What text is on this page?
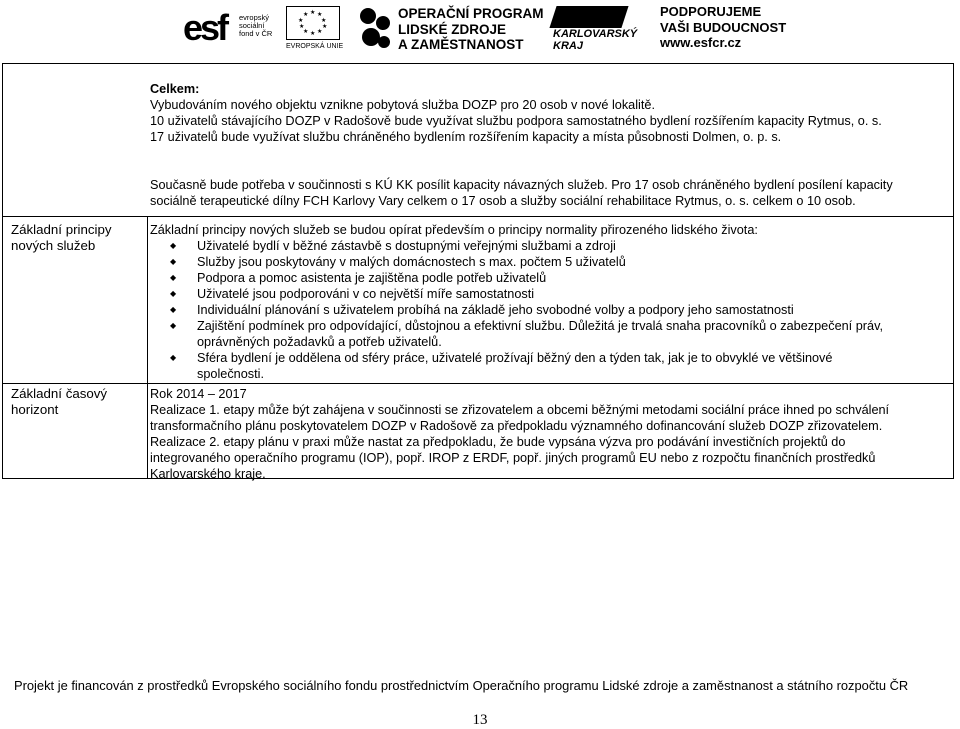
esf evropský sociální fond v ČR
★ ★
★
★
★
★
★
★
★
★
EVROPSKÁ UNIE
OPERAČNÍ PROGRAM
LIDSKÉ ZDROJE
A ZAMĚSTNANOST
KARLOVARSKÝ KRAJ
PODPORUJEME
VAŠI BUDOUCNOST
www.esfcr.cz
Celkem:
Vybudováním nového objektu vznikne pobytová služba DOZP pro 20 osob v nové lokalitě.
10 uživatelů stávajícího DOZP v Radošově bude využívat službu podpora samostatného bydlení rozšířením kapacity Rytmus, o. s.
17 uživatelů bude využívat službu chráněného bydlením rozšířením kapacity a místa působnosti Dolmen, o. p. s.
Současně bude potřeba v součinnosti s KÚ KK posílit kapacity návazných služeb. Pro 17 osob chráněného bydlení posílení kapacity
sociálně terapeutické dílny FCH Karlovy Vary celkem o 17 osob a služby sociální rehabilitace Rytmus, o. s. celkem o 10 osob.
Základní principy
nových služeb
Základní principy nových služeb se budou opírat především o principy normality přirozeného lidského života:
◆ Uživatelé bydlí v běžné zástavbě s dostupnými veřejnými službami a zdroji
◆ Služby jsou poskytovány v malých domácnostech s max. počtem 5 uživatelů
◆ Podpora a pomoc asistenta je zajištěna podle potřeb uživatelů
◆ Uživatelé jsou podporováni v co největší míře samostatnosti
◆ Individuální plánování s uživatelem probíhá na základě jeho svobodné volby a podpory jeho samostatnosti
◆ Zajištění podmínek pro odpovídající, důstojnou a efektivní službu. Důležitá je trvalá snaha pracovníků o zabezpečení práv, oprávněných požadavků a potřeb uživatelů.
◆ Sféra bydlení je oddělena od sféry práce, uživatelé prožívají běžný den a týden tak, jak je to obvyklé ve většinové společnosti.
Základní časový
horizont
Rok 2014 – 2017
Realizace 1. etapy může být zahájena v součinnosti se zřizovatelem a obcemi běžnými metodami sociální práce ihned po schválení
transformačního plánu poskytovatelem DOZP v Radošově za předpokladu významného dofinancování služeb DOZP zřizovatelem.
Realizace 2. etapy plánu v praxi může nastat za předpokladu, že bude vypsána výzva pro podávání investičních projektů do
integrovaného operačního programu (IOP), popř. IROP z ERDF, popř. jiných programů EU nebo z rozpočtu finančních prostředků
Karlovarského kraje.
Projekt je financován z prostředků Evropského sociálního fondu prostřednictvím Operačního programu Lidské zdroje a zaměstnanost a státního rozpočtu ČR
13
